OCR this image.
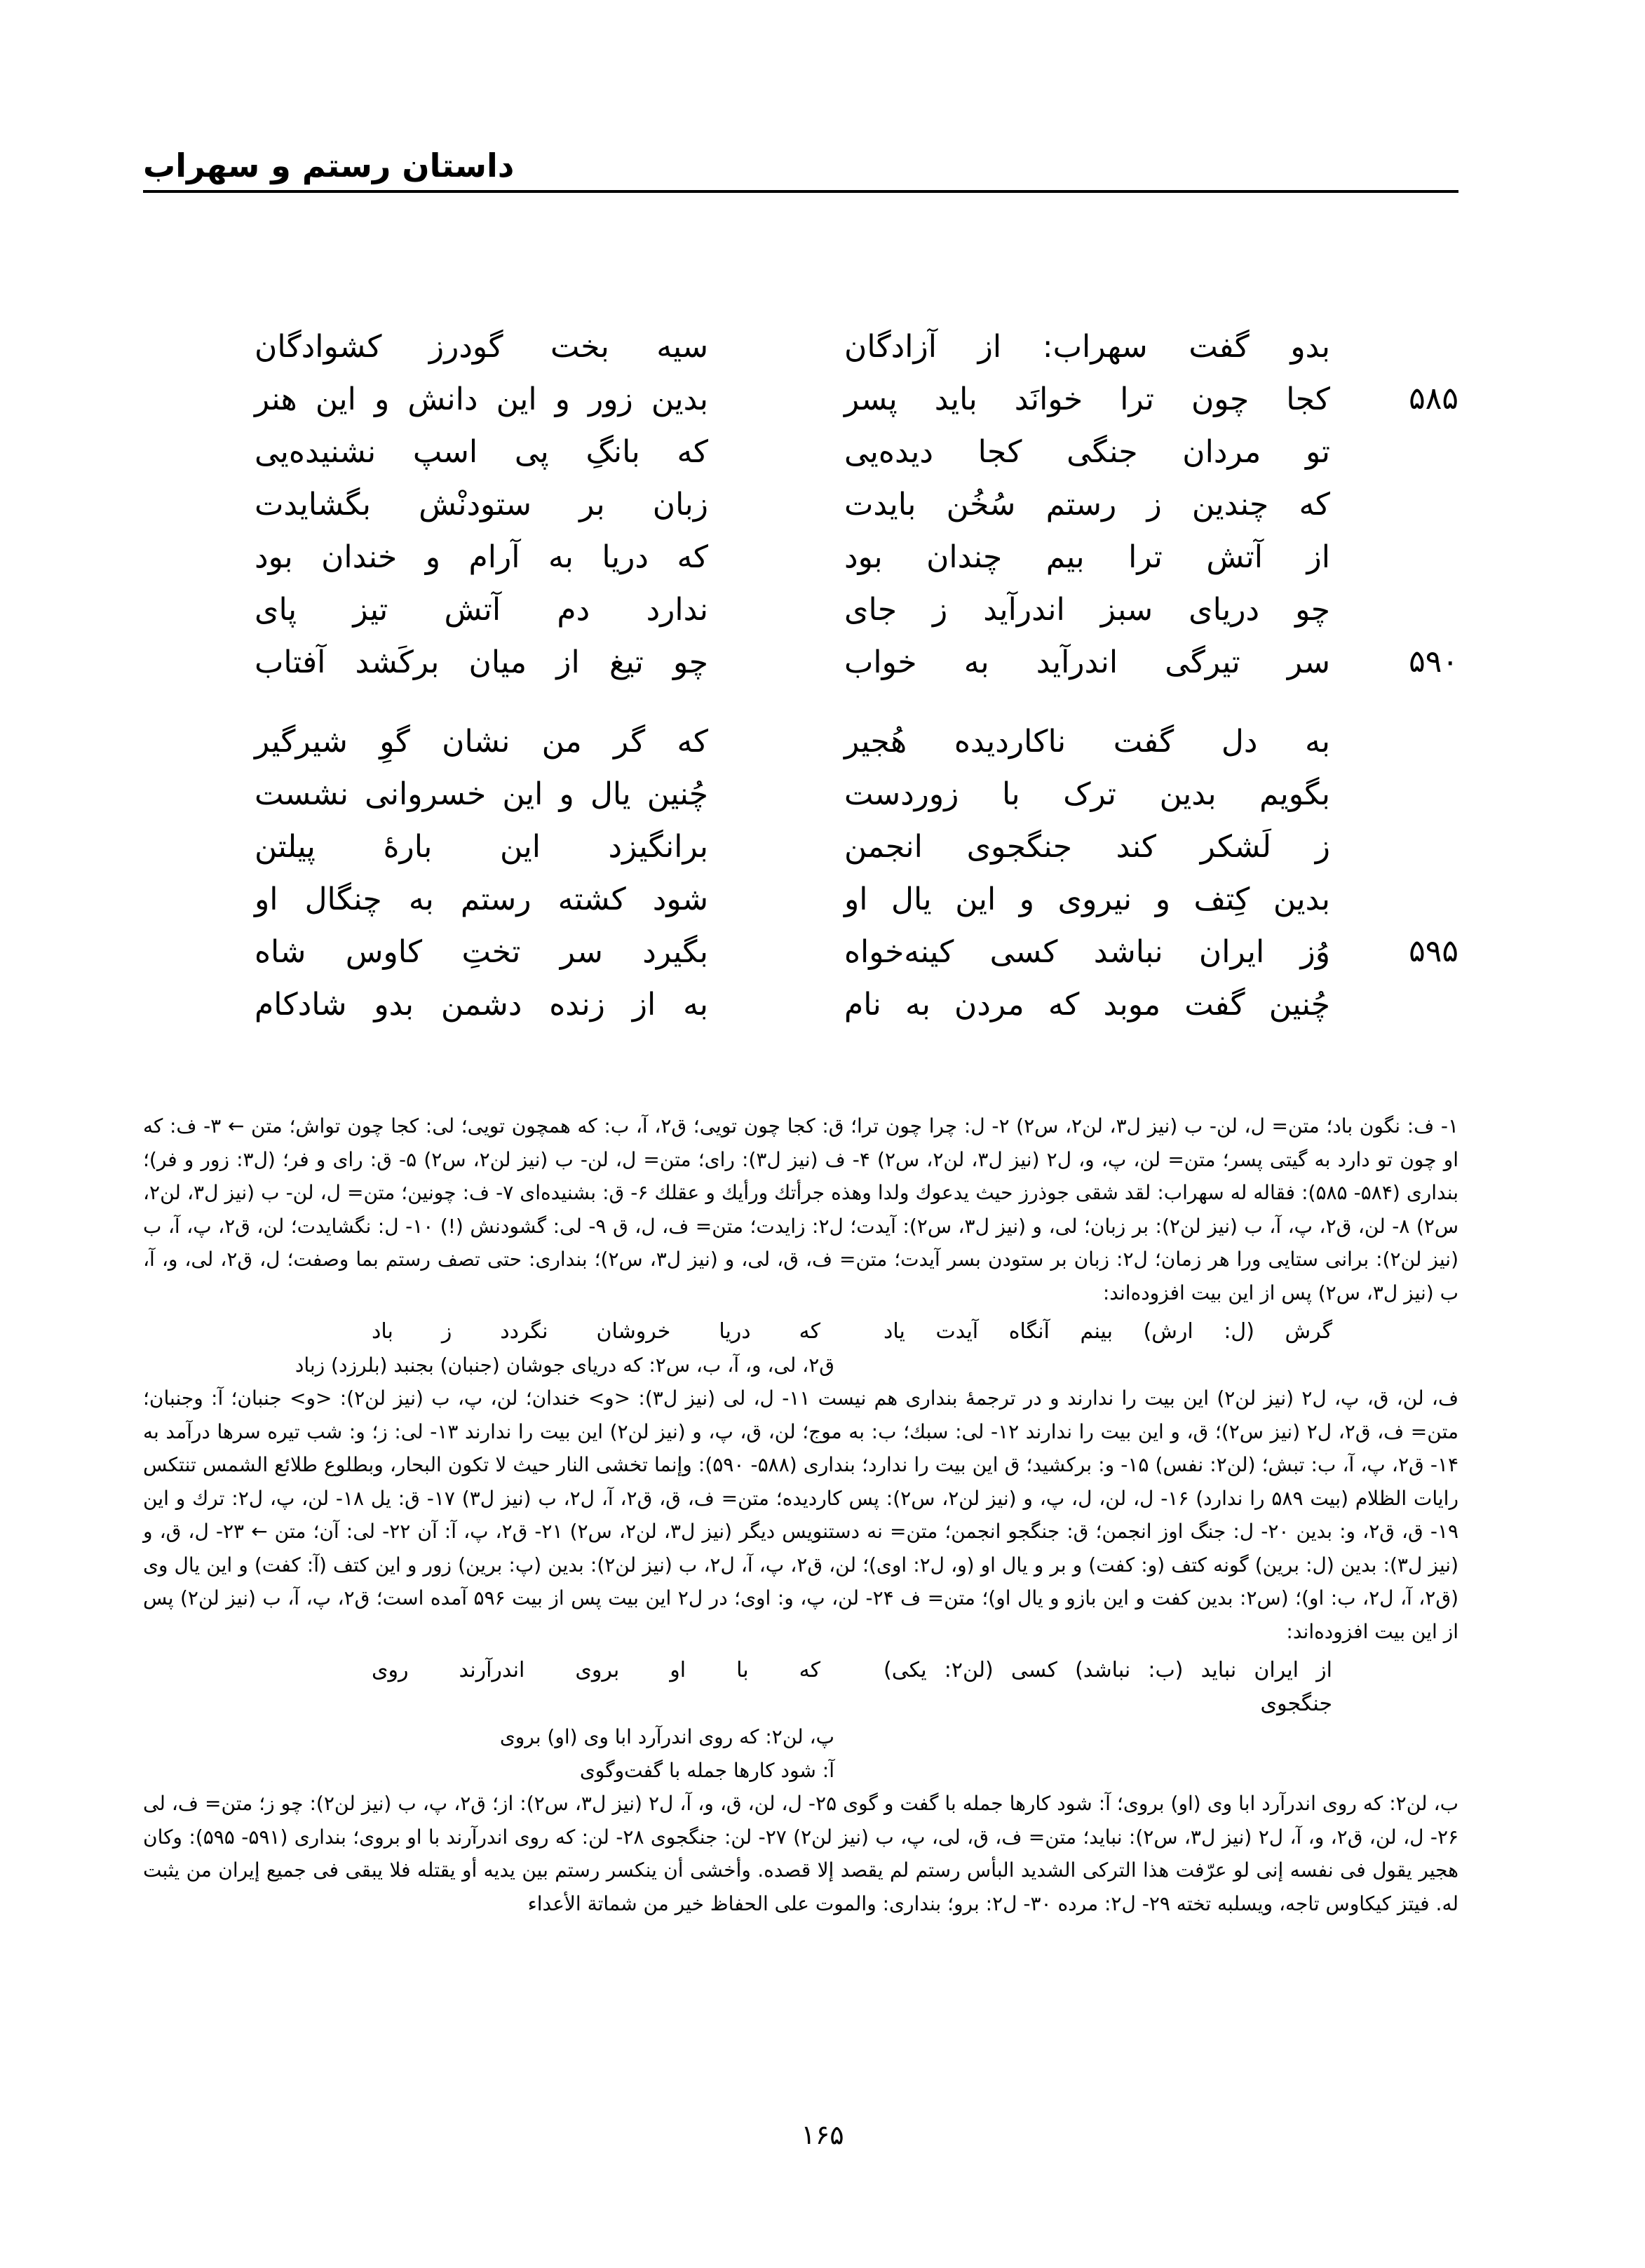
داستان رستم و سهراب
بدو گفت سهراب: از آزادگان
سیه بخت گودرز کشوادگان
۵۸۵
کجا چون ترا خوانَد باید پسر
بدین زور و این دانش و این هنر
تو مردان جنگی کجا دیده‌یی
که بانگِ پی اسپ نشنیده‌یی
که چندین ز رستم سُخُن بایدت
زبان بر ستودنْش بگشایدت
از آتش ترا بیم چندان بود
که دریا به آرام و خندان بود
چو دریای سبز اندرآید ز جای
ندارد دم آتش تیز پای
۵۹۰
سر تیرگی اندرآید به خواب
چو تیغ از میان برکَشد آفتاب
به دل گفت ناکاردیده هُجیر
که گر من نشان گوِ شیرگیر
بگویم بدین ترک با زوردست
چُنین یال و این خسروانی نشست
ز لَشکر کند جنگجوی انجمن
برانگیزد این بارهٔ پیلتن
بدین کِتف و نیروی و این یال او
شود کشته رستم به چنگال او
۵۹۵
وُز ایران نباشد کسی کینه‌خواه
بگیرد سر تختِ کاوس شاه
چُنین گفت موبد که مردن به نام
به از زنده دشمن بدو شادکام

۱- ف: نگون باد؛ متن= ل، لن- ب (نیز ل۳، لن۲، س۲) ۲- ل: چرا چون ترا؛ ق: کجا چون تویی؛ ق۲، آ، ب: که همچون تویی؛ لی: کجا چون تواش؛ متن ← ۳- ف: که او چون تو دارد به گیتی پسر؛ متن= لن، پ، و، ل۲ (نیز ل۳، لن۲، س۲) ۴- ف (نیز ل۳): رای؛ متن= ل، لن- ب (نیز لن۲، س۲) ۵- ق: رای و فر؛ (ل۳: زور و فر)؛ بنداری (۵۸۴- ۵۸۵): فقاله له سهراب: لقد شقی جوذرز حیث یدعوك ولدا وهذه جرأتك ورأیك و عقلك ۶- ق: بشنیده‌ای ۷- ف: چونین؛ متن= ل، لن- ب (نیز ل۳، لن۲، س۲) ۸- لن، ق۲، پ، آ، ب (نیز لن۲): بر زبان؛ لی، و (نیز ل۳، س۲): آیدت؛ ل۲: زایدت؛ متن= ف، ل، ق ۹- لی: گشودنش (!) ۱۰- ل: نگشایدت؛ لن، ق۲، پ، آ، ب (نیز لن۲): برانی ستایی ورا هر زمان؛ ل۲: زبان بر ستودن بسر آیدت؛ متن= ف، ق، لی، و (نیز ل۳، س۲)؛ بنداری: حتی تصف رستم بما وصفت؛ ل، ق۲، لی، و، آ، ب (نیز ل۳، س۲) پس از این بیت افزوده‌اند:

گرش (ل: ارش) بینم آنگاه آیدت یاد
که دریا خروشان نگردد ز باد
ق۲، لی، و، آ، ب، س۲: که دریای جوشان (جنبان) بجنبد (بلرزد) زباد

ف، لن، ق، پ، ل۲ (نیز لن۲) این بیت را ندارند و در ترجمهٔ بنداری هم نیست ۱۱- ل، لی (نیز ل۳): <و> خندان؛ لن، پ، ب (نیز لن۲): <و> جنبان؛ آ: وجنبان؛ متن= ف، ق۲، ل۲ (نیز س۲)؛ ق، و این بیت را ندارند ۱۲- لی: سبك؛ ب: به موج؛ لن، ق، پ، و (نیز لن۲) این بیت را ندارند ۱۳- لی: ز؛ و: شب تیره سرها درآمد به ۱۴- ق۲، پ، آ، ب: تبش؛ (لن۲: نفس) ۱۵- و: برکشید؛ ق این بیت را ندارد؛ بنداری (۵۸۸- ۵۹۰): وإنما تخشی النار حیث لا تکون البحار، وبطلوع طلائع الشمس تنتکس رایات الظلام (بیت ۵۸۹ را ندارد) ۱۶- ل، لن، ل، پ، و (نیز لن۲، س۲): پس کاردیده؛ متن= ف، ق، ق۲، آ، ل۲، ب (نیز ل۳) ۱۷- ق: یل ۱۸- لن، پ، ل۲: ترك و این ۱۹- ق، ق۲، و: بدین ۲۰- ل: جنگ اوز انجمن؛ ق: جنگجو انجمن؛ متن= نه دستنویس دیگر (نیز ل۳، لن۲، س۲) ۲۱- ق۲، پ، آ: آن ۲۲- لی: آن؛ متن ← ۲۳- ل، ق، و (نیز ل۳): بدین (ل: برین) گونه کتف (و: کفت) و بر و یال او (و، ل۲: اوی)؛ لن، ق۲، پ، آ، ل۲، ب (نیز لن۲): بدین (پ: برین) زور و این کتف (آ: کفت) و این یال وی (ق۲، آ، ل۲، ب: او)؛ (س۲: بدین کفت و این بازو و یال او)؛ متن= ف ۲۴- لن، پ، و: اوی؛ در ل۲ این بیت پس از بیت ۵۹۶ آمده است؛ ق۲، پ، آ، ب (نیز لن۲) پس از این بیت افزوده‌اند:

از ایران نباید (ب: نباشد) کسی (لن۲: یکی) جنگجوی
که با او بروی اندرآرند روی
پ، لن۲: که روی اندرآرد ابا وی (او) بروی
آ: شود کارها جمله با گفت‌وگوی

ب، لن۲: که روی اندرآرد ابا وی (او) بروی؛ آ: شود کارها جمله با گفت و گوی ۲۵- ل، لن، ق، و، آ، ل۲ (نیز ل۳، س۲): از؛ ق۲، پ، ب (نیز لن۲): چو ز؛ متن= ف، لی ۲۶- ل، لن، ق۲، و، آ، ل۲ (نیز ل۳، س۲): نباید؛ متن= ف، ق، لی، پ، ب (نیز لن۲) ۲۷- لن: جنگجوی ۲۸- لن: که روی اندرآرند با او بروی؛ بنداری (۵۹۱- ۵۹۵): وکان هجیر یقول فی نفسه إنی لو عرّفت هذا الترکی الشدید البأس رستم لم یقصد إلا قصده. وأخشی أن ینکسر رستم بین یدیه أو یقتله فلا یبقی فی جمیع إیران من یثبت له. فیتز کیکاوس تاجه، ویسلبه تخته ۲۹- ل۲: مرده ۳۰- ل۲: برو؛ بنداری: والموت علی الحفاظ خیر من شماتة الأعداء

۱۶۵
